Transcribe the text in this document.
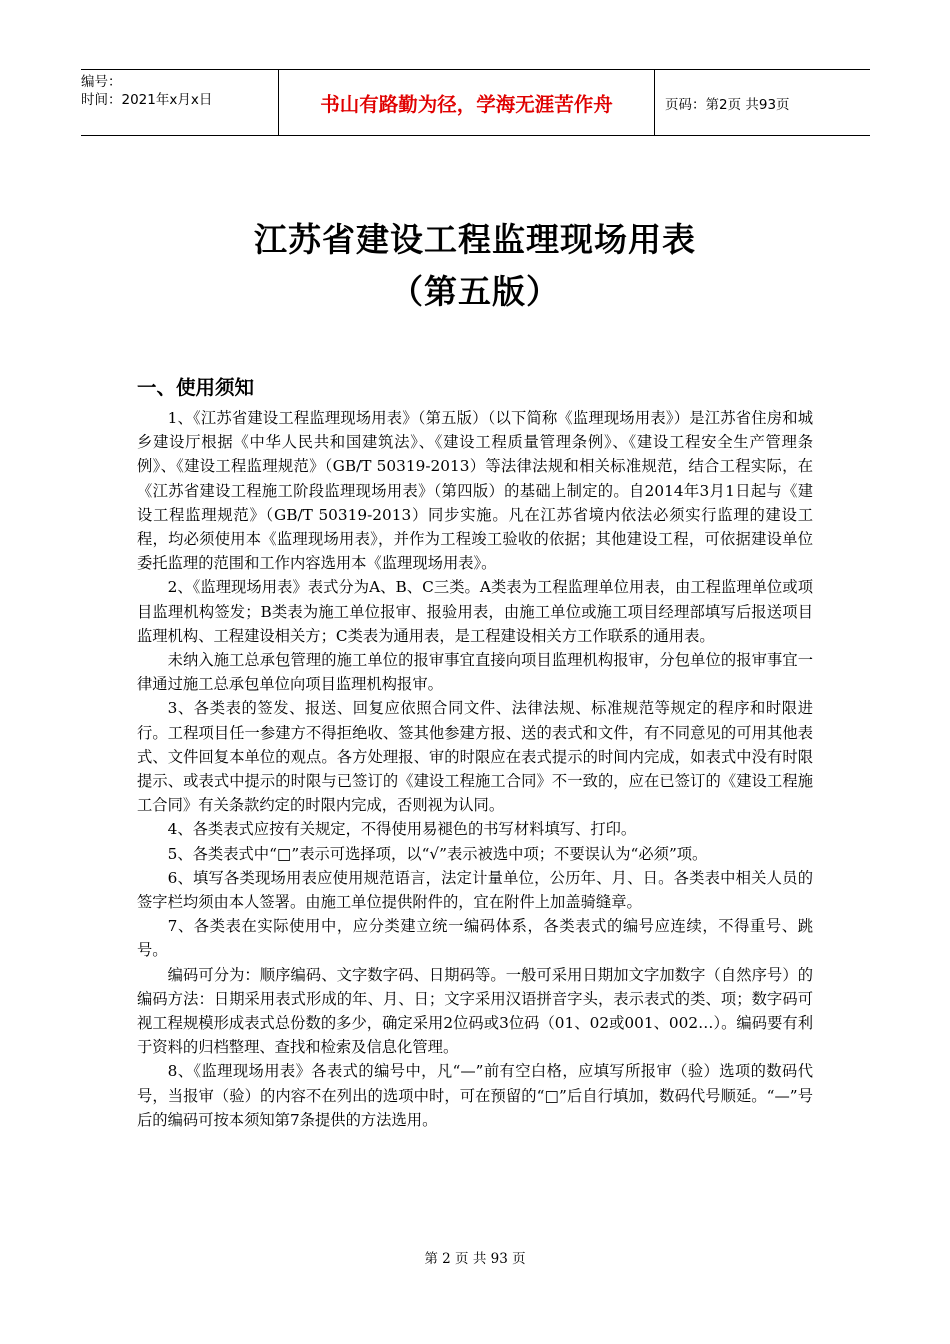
编号：
时间：2021年x月x日	书山有路勤为径，学海无涯苦作舟	页码：第2页 共93页
江苏省建设工程监理现场用表
（第五版）
一、使用须知

1、《江苏省建设工程监理现场用表》（第五版）（以下简称《监理现场用表》）是江苏省住房和城乡建设厅根据《中华人民共和国建筑法》、《建设工程质量管理条例》、《建设工程安全生产管理条例》、《建设工程监理规范》（GB/T 50319-2013）等法律法规和相关标准规范，结合工程实际，在《江苏省建设工程施工阶段监理现场用表》（第四版）的基础上制定的。自2014年3月1日起与《建设工程监理规范》（GB/T 50319-2013）同步实施。凡在江苏省境内依法必须实行监理的建设工程，均必须使用本《监理现场用表》，并作为工程竣工验收的依据；其他建设工程，可依据建设单位委托监理的范围和工作内容选用本《监理现场用表》。

2、《监理现场用表》表式分为A、B、C三类。A类表为工程监理单位用表，由工程监理单位或项目监理机构签发；B类表为施工单位报审、报验用表，由施工单位或施工项目经理部填写后报送项目监理机构、工程建设相关方；C类表为通用表，是工程建设相关方工作联系的通用表。

未纳入施工总承包管理的施工单位的报审事宜直接向项目监理机构报审，分包单位的报审事宜一律通过施工总承包单位向项目监理机构报审。

3、各类表的签发、报送、回复应依照合同文件、法律法规、标准规范等规定的程序和时限进行。工程项目任一参建方不得拒绝收、签其他参建方报、送的表式和文件，有不同意见的可用其他表式、文件回复本单位的观点。各方处理报、审的时限应在表式提示的时间内完成，如表式中没有时限提示、或表式中提示的时限与已签订的《建设工程施工合同》不一致的，应在已签订的《建设工程施工合同》有关条款约定的时限内完成，否则视为认同。

4、各类表式应按有关规定，不得使用易褪色的书写材料填写、打印。

5、各类表式中“□”表示可选择项，以“√”表示被选中项；不要误认为“必须”项。

6、填写各类现场用表应使用规范语言，法定计量单位，公历年、月、日。各类表中相关人员的签字栏均须由本人签署。由施工单位提供附件的，宜在附件上加盖骑缝章。

7、各类表在实际使用中，应分类建立统一编码体系，各类表式的编号应连续，不得重号、跳号。

编码可分为：顺序编码、文字数字码、日期码等。一般可采用日期加文字加数字（自然序号）的编码方法：日期采用表式形成的年、月、日；文字采用汉语拼音字头，表示表式的类、项；数字码可视工程规模形成表式总份数的多少，确定采用2位码或3位码（01、02或001、002…）。编码要有利于资料的归档整理、查找和检索及信息化管理。

8、《监理现场用表》各表式的编号中，凡“—”前有空白格，应填写所报审（验）选项的数码代号，当报审（验）的内容不在列出的选项中时，可在预留的“□”后自行填加，数码代号顺延。“—”号后的编码可按本须知第7条提供的方法选用。

第 2 页 共 93 页
